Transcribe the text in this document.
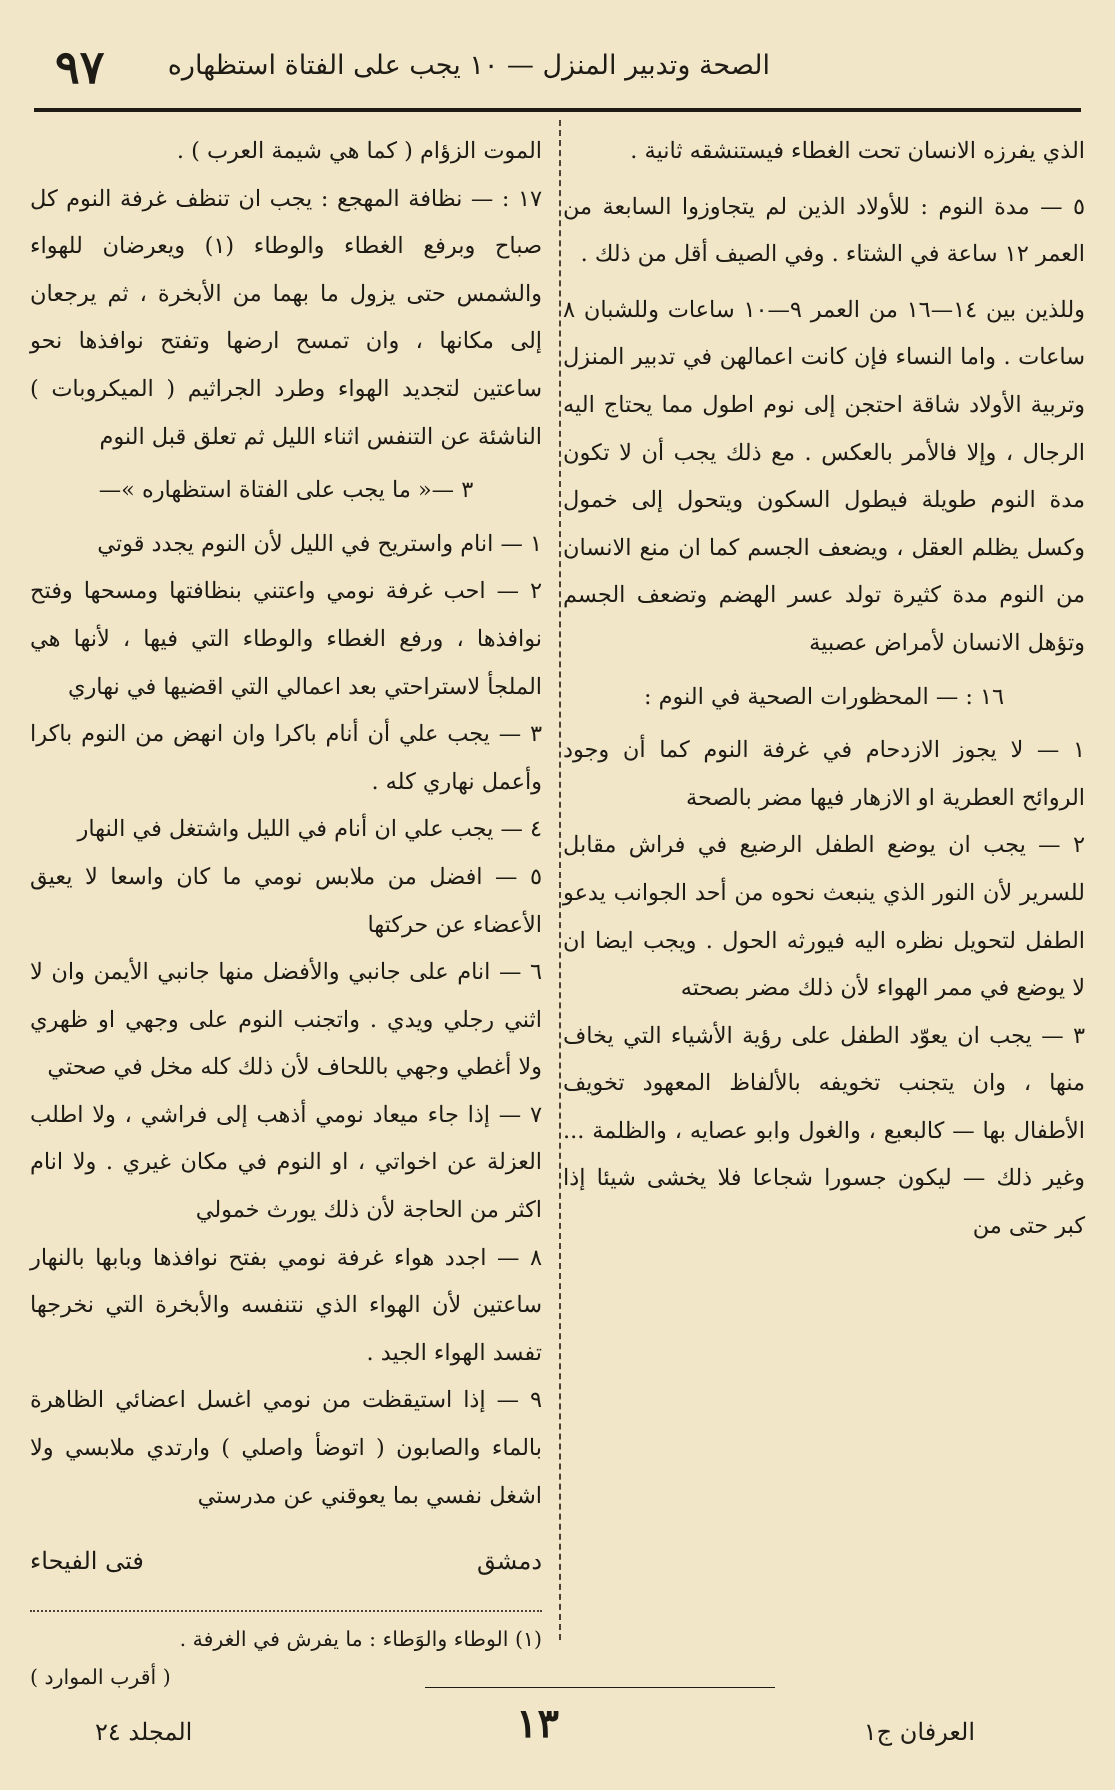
٩٧ الصحة وتدبير المنزل — ١٠ يجب على الفتاة استظهاره

الذي يفرزه الانسان تحت الغطاء فيستنشقه ثانية .

٥ — مدة النوم : للأولاد الذين لم يتجاوزوا السابعة من العمر ١٢ ساعة في الشتاء . وفي الصيف أقل من ذلك .

وللذين بين ١٤—١٦ من العمر ٩—١٠ ساعات وللشبان ٨ ساعات . واما النساء فإن كانت اعمالهن في تدبير المنزل وتربية الأولاد شاقة احتجن إلى نوم اطول مما يحتاج اليه الرجال ، وإلا فالأمر بالعكس . مع ذلك يجب أن لا تكون مدة النوم طويلة فيطول السكون ويتحول إلى خمول وكسل يظلم العقل ، ويضعف الجسم كما ان منع الانسان من النوم مدة كثيرة تولد عسر الهضم وتضعف الجسم وتؤهل الانسان لأمراض عصبية

١٦ : — المحظورات الصحية في النوم :

١ — لا يجوز الازدحام في غرفة النوم كما أن وجود الروائح العطرية او الازهار فيها مضر بالصحة

٢ — يجب ان يوضع الطفل الرضيع في فراش مقابل للسرير لأن النور الذي ينبعث نحوه من أحد الجوانب يدعو الطفل لتحويل نظره اليه فيورثه الحول . ويجب ايضا ان لا يوضع في ممر الهواء لأن ذلك مضر بصحته

٣ — يجب ان يعوّد الطفل على رؤية الأشياء التي يخاف منها ، وان يتجنب تخويفه بالألفاظ المعهود تخويف الأطفال بها — كالبعبع ، والغول وابو عصايه ، والظلمة ... وغير ذلك — ليكون جسورا شجاعا فلا يخشى شيئا إذا كبر حتى من

الموت الزؤام ( كما هي شيمة العرب ) .

١٧ : — نظافة المهجع : يجب ان تنظف غرفة النوم كل صباح وبرفع الغطاء والوطاء (١) ويعرضان للهواء والشمس حتى يزول ما بهما من الأبخرة ، ثم يرجعان إلى مكانها ، وان تمسح ارضها وتفتح نوافذها نحو ساعتين لتجديد الهواء وطرد الجراثيم ( الميكروبات ) الناشئة عن التنفس اثناء الليل ثم تعلق قبل النوم

٣ —« ما يجب على الفتاة استظهاره »—

١ — انام واستريح في الليل لأن النوم يجدد قوتي

٢ — احب غرفة نومي واعتني بنظافتها ومسحها وفتح نوافذها ، ورفع الغطاء والوطاء التي فيها ، لأنها هي الملجأ لاستراحتي بعد اعمالي التي اقضيها في نهاري

٣ — يجب علي أن أنام باكرا وان انهض من النوم باكرا وأعمل نهاري كله .

٤ — يجب علي ان أنام في الليل واشتغل في النهار

٥ — افضل من ملابس نومي ما كان واسعا لا يعيق الأعضاء عن حركتها

٦ — انام على جانبي والأفضل منها جانبي الأيمن وان لا اثني رجلي ويدي . واتجنب النوم على وجهي او ظهري ولا أغطي وجهي باللحاف لأن ذلك كله مخل في صحتي

٧ — إذا جاء ميعاد نومي أذهب إلى فراشي ، ولا اطلب العزلة عن اخواتي ، او النوم في مكان غيري . ولا انام اكثر من الحاجة لأن ذلك يورث خمولي

٨ — اجدد هواء غرفة نومي بفتح نوافذها وبابها بالنهار ساعتين لأن الهواء الذي نتنفسه والأبخرة التي نخرجها تفسد الهواء الجيد .

٩ — إذا استيقظت من نومي اغسل اعضائي الظاهرة بالماء والصابون ( اتوضأ واصلي ) وارتدي ملابسي ولا اشغل نفسي بما يعوقني عن مدرستي

دمشق
فتى الفيحاء
(١) الوطاء والوَطاء : ما يفرش في الغرفة .
( أقرب الموارد )
١٣	العرفان ج١
المجلد ٢٤
